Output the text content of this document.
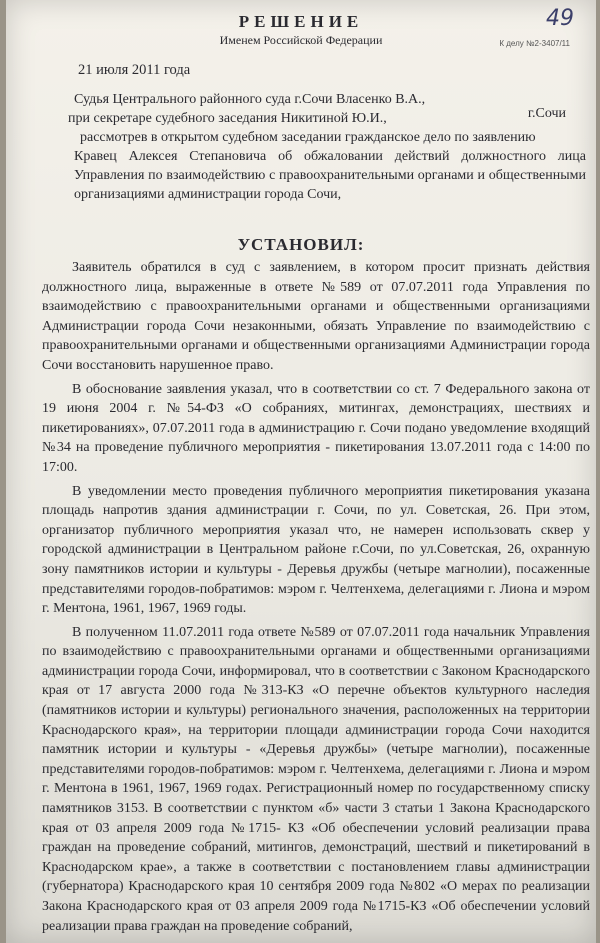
49
РЕШЕНИЕ
Именем Российской Федерации	К делу №2-3407/11
21 июля 2011 года
г.Сочи
Судья Центрального районного суда г.Сочи Власенко В.А.,
при секретаре судебного заседания Никитиной Ю.И.,
рассмотрев в открытом судебном заседании гражданское дело по заявлению
Кравец Алексея Степановича об обжаловании действий должностного лица Управления по взаимодействию с правоохранительными органами и общественными организациями администрации города Сочи,
УСТАНОВИЛ:

Заявитель обратился в суд с заявлением, в котором просит признать действия должностного лица, выраженные в ответе №589 от 07.07.2011 года Управления по взаимодействию с правоохранительными органами и общественными организациями Администрации города Сочи незаконными, обязать Управление по взаимодействию с правоохранительными органами и общественными организациями Администрации города Сочи восстановить нарушенное право.

В обоснование заявления указал, что в соответствии со ст. 7 Федерального закона от 19 июня 2004 г. №54-ФЗ «О собраниях, митингах, демонстрациях, шествиях и пикетированиях», 07.07.2011 года в администрацию г. Сочи подано уведомление входящий №34 на проведение публичного мероприятия - пикетирования 13.07.2011 года с 14:00 по 17:00.

В уведомлении место проведения публичного мероприятия пикетирования указана площадь напротив здания администрации г. Сочи, по ул. Советская, 26. При этом, организатор публичного мероприятия указал что, не намерен использовать сквер у городской администрации в Центральном районе г.Сочи, по ул.Советская, 26, охранную зону памятников истории и культуры - Деревья дружбы (четыре магнолии), посаженные представителями городов-побратимов: мэром г. Челтенхема, делегациями г. Лиона и мэром г. Ментона, 1961, 1967, 1969 годы.

В полученном 11.07.2011 года ответе №589 от 07.07.2011 года начальник Управления по взаимодействию с правоохранительными органами и общественными организациями администрации города Сочи, информировал, что в соответствии с Законом Краснодарского края от 17 августа 2000 года №313-КЗ «О перечне объектов культурного наследия (памятников истории и культуры) регионального значения, расположенных на территории Краснодарского края», на территории площади администрации города Сочи находится памятник истории и культуры - «Деревья дружбы» (четыре магнолии), посаженные представителями городов-побратимов: мэром г. Челтенхема, делегациями г. Лиона и мэром г. Ментона в 1961, 1967, 1969 годах. Регистрационный номер по государственному списку памятников 3153. В соответствии с пунктом «б» части 3 статьи 1 Закона Краснодарского края от 03 апреля 2009 года №1715- КЗ «Об обеспечении условий реализации права граждан на проведение собраний, митингов, демонстраций, шествий и пикетирований в Краснодарском крае», а также в соответствии с постановлением главы администрации (губернатора) Краснодарского края 10 сентября 2009 года №802 «О мерах по реализации Закона Краснодарского края от 03 апреля 2009 года №1715-КЗ «Об обеспечении условий реализации права граждан на проведение собраний,
